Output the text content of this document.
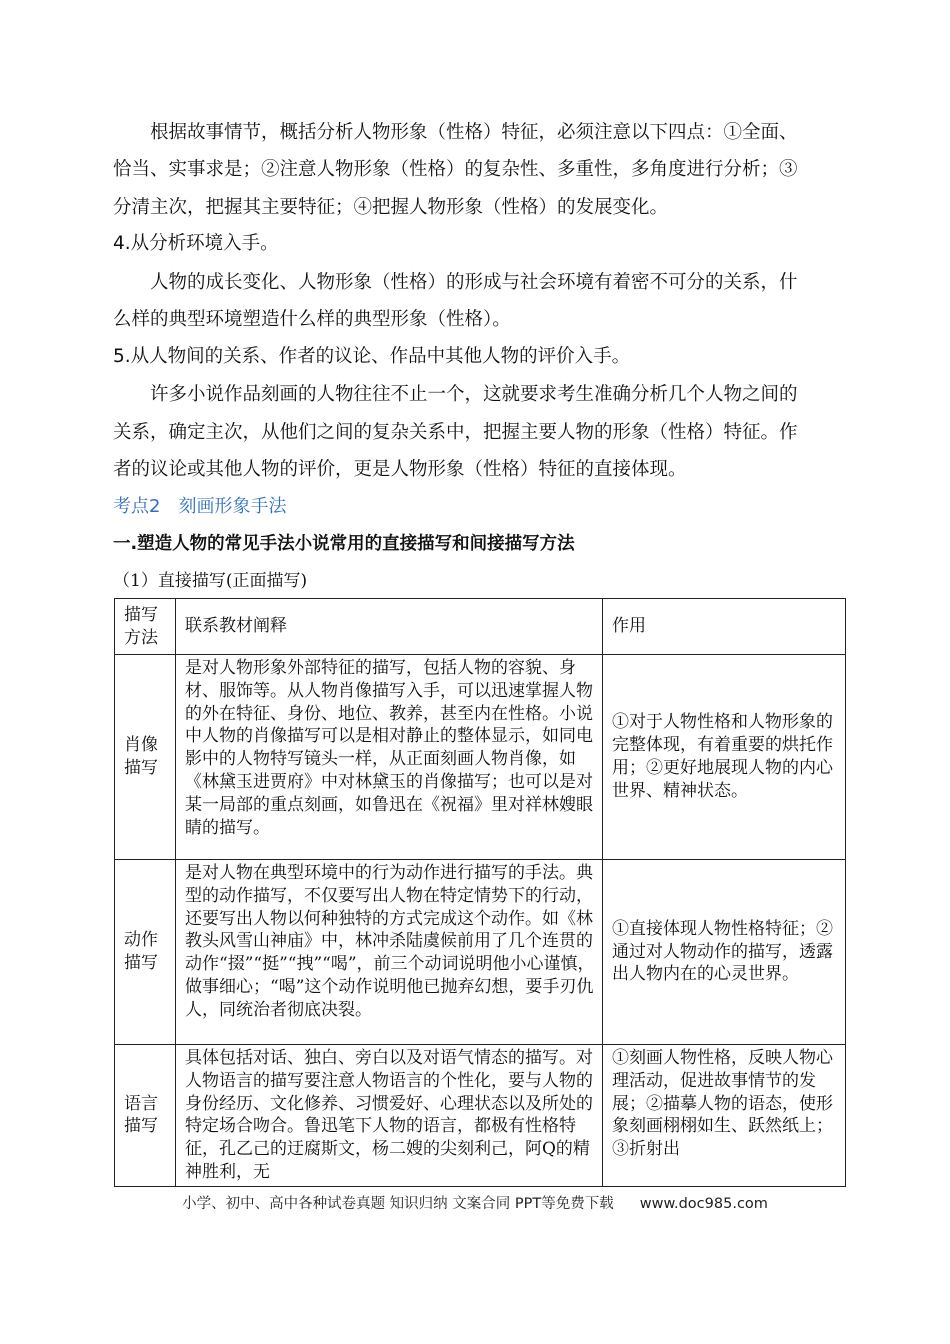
根据故事情节，概括分析人物形象（性格）特征，必须注意以下四点：①全面、
恰当、实事求是；②注意人物形象（性格）的复杂性、多重性，多角度进行分析；③
分清主次，把握其主要特征；④把握人物形象（性格）的发展变化。
4.从分析环境入手。
人物的成长变化、人物形象（性格）的形成与社会环境有着密不可分的关系，什
么样的典型环境塑造什么样的典型形象（性格）。
5.从人物间的关系、作者的议论、作品中其他人物的评价入手。
许多小说作品刻画的人物往往不止一个，这就要求考生准确分析几个人物之间的
关系，确定主次，从他们之间的复杂关系中，把握主要人物的形象（性格）特征。作
者的议论或其他人物的评价，更是人物形象（性格）特征的直接体现。
考点2　刻画形象手法
一.塑造人物的常见手法小说常用的直接描写和间接描写方法
（1）直接描写(正面描写)
描写方法	联系教材阐释	作用
肖像描写	是对人物形象外部特征的描写，包括人物的容貌、身材、服饰等。从人物肖像描写入手，可以迅速掌握人物的外在特征、身份、地位、教养，甚至内在性格。小说中人物的肖像描写可以是相对静止的整体显示，如同电影中的人物特写镜头一样，从正面刻画人物肖像，如《林黛玉进贾府》中对林黛玉的肖像描写；也可以是对某一局部的重点刻画，如鲁迅在《祝福》里对祥林嫂眼睛的描写。	①对于人物性格和人物形象的完整体现，有着重要的烘托作用；②更好地展现人物的内心世界、精神状态。
动作描写	是对人物在典型环境中的行为动作进行描写的手法。典型的动作描写，不仅要写出人物在特定情势下的行动，还要写出人物以何种独特的方式完成这个动作。如《林教头风雪山神庙》中，林冲杀陆虞候前用了几个连贯的动作“掇”“挺”“拽”“喝”，前三个动词说明他小心谨慎，做事细心；“喝”这个动作说明他已抛弃幻想，要手刃仇人，同统治者彻底决裂。	①直接体现人物性格特征；②通过对人物动作的描写，透露出人物内在的心灵世界。
语言描写	具体包括对话、独白、旁白以及对语气情态的描写。对人物语言的描写要注意人物语言的个性化，要与人物的身份经历、文化修养、习惯爱好、心理状态以及所处的特定场合吻合。鲁迅笔下人物的语言，都极有性格特征，孔乙己的迂腐斯文，杨二嫂的尖刻利己，阿Q的精神胜利，无	①刻画人物性格，反映人物心理活动，促进故事情节的发展；②描摹人物的语态，使形象刻画栩栩如生、跃然纸上；③折射出
小学、初中、高中各种试卷真题 知识归纳 文案合同 PPT等免费下载 www.doc985.com
